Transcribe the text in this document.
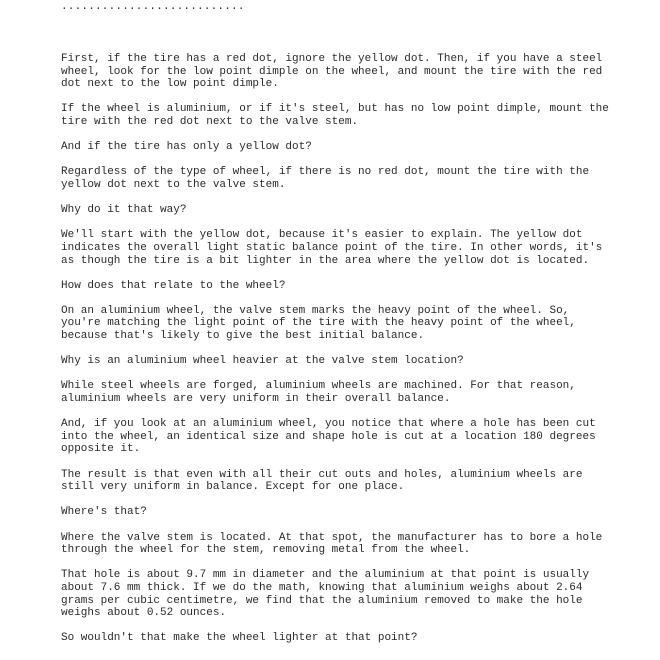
...........................

First, if the tire has a red dot, ignore the yellow dot. Then, if you have a steel
wheel, look for the low point dimple on the wheel, and mount the tire with the red
dot next to the low point dimple.

If the wheel is aluminium, or if it's steel, but has no low point dimple, mount the
tire with the red dot next to the valve stem.

And if the tire has only a yellow dot?

Regardless of the type of wheel, if there is no red dot, mount the tire with the
yellow dot next to the valve stem.

Why do it that way?

We'll start with the yellow dot, because it's easier to explain. The yellow dot
indicates the overall light static balance point of the tire. In other words, it's
as though the tire is a bit lighter in the area where the yellow dot is located.

How does that relate to the wheel?

On an aluminium wheel, the valve stem marks the heavy point of the wheel. So,
you're matching the light point of the tire with the heavy point of the wheel,
because that's likely to give the best initial balance.

Why is an aluminium wheel heavier at the valve stem location?

While steel wheels are forged, aluminium wheels are machined. For that reason,
aluminium wheels are very uniform in their overall balance.

And, if you look at an aluminium wheel, you notice that where a hole has been cut
into the wheel, an identical size and shape hole is cut at a location 180 degrees
opposite it.

The result is that even with all their cut outs and holes, aluminium wheels are
still very uniform in balance. Except for one place.

Where's that?

Where the valve stem is located. At that spot, the manufacturer has to bore a hole
through the wheel for the stem, removing metal from the wheel.

That hole is about 9.7 mm in diameter and the aluminium at that point is usually
about 7.6 mm thick. If we do the math, knowing that aluminium weighs about 2.64
grams per cubic centimetre, we find that the aluminium removed to make the hole
weighs about 0.52 ounces.

So wouldn't that make the wheel lighter at that point?
